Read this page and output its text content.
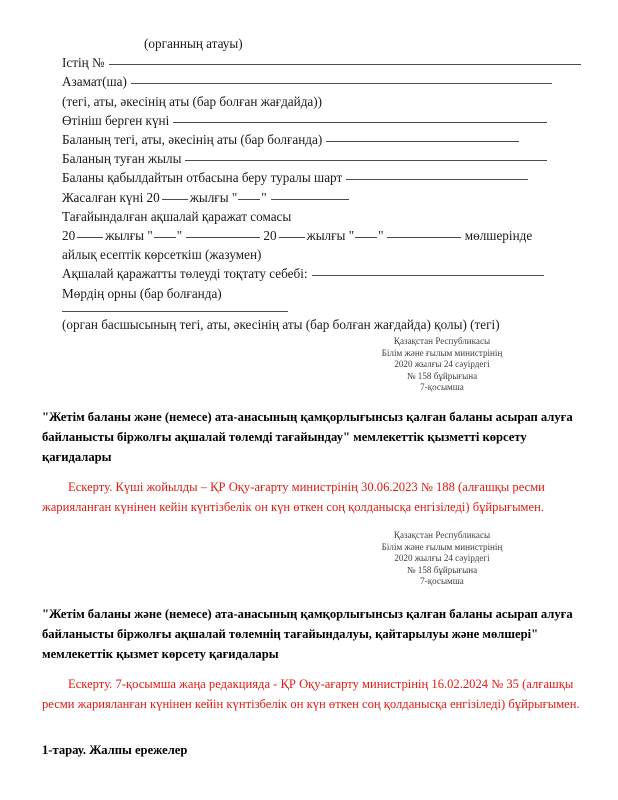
(органның атауы)
Істің №
Азамат(ша)
(тегі, аты, әкесінің аты (бар болған жағдайда))
Өтініш берген күні
Баланың тегі, аты, әкесінің аты (бар болғанда)
Баланың туған жылы
Баланы қабылдайтын отбасына беру туралы шарт
Жасалған күні 20 жылғы " "
Тағайындалған ақшалай қаражат сомасы
20 жылғы " "	20 жылғы " "	мөлшерінде
айлық есептік көрсеткіш (жазумен)
Ақшалай қаражатты төлеуді тоқтату себебі:
Мөрдің орны (бар болғанда)
(орган басшысының тегі, аты, әкесінің аты (бар болған жағдайда) қолы) (тегі)
Қазақстан Республикасы
Білім және ғылым министрінің
2020 жылғы 24 сәуірдегі
№ 158 бұйрығына
7-қосымша
"Жетім баланы және (немесе) ата-анасының қамқорлығынсыз қалған баланы асырап алуға байланысты біржолғы ақшалай төлемді тағайындау" мемлекеттік қызметті көрсету қағидалары
Ескерту. Күші жойылды – ҚР Оқу-ағарту министрінің 30.06.2023 № 188 (алғашқы ресми жарияланған күнінен кейін күнтізбелік он күн өткен соң қолданысқа енгізіледі) бұйрығымен.
Қазақстан Республикасы
Білім және ғылым министрінің
2020 жылғы 24 сәуірдегі
№ 158 бұйрығына
7-қосымша
"Жетім баланы және (немесе) ата-анасының қамқорлығынсыз қалған баланы асырап алуға байланысты біржолғы ақшалай төлемнің тағайындалуы, қайтарылуы және мөлшері" мемлекеттік қызмет көрсету қағидалары
Ескерту. 7-қосымша жаңа редакцияда - ҚР Оқу-ағарту министрінің 16.02.2024 № 35 (алғашқы ресми жарияланған күнінен кейін күнтізбелік он күн өткен соң қолданысқа енгізіледі) бұйрығымен.
1-тарау. Жалпы ережелер
